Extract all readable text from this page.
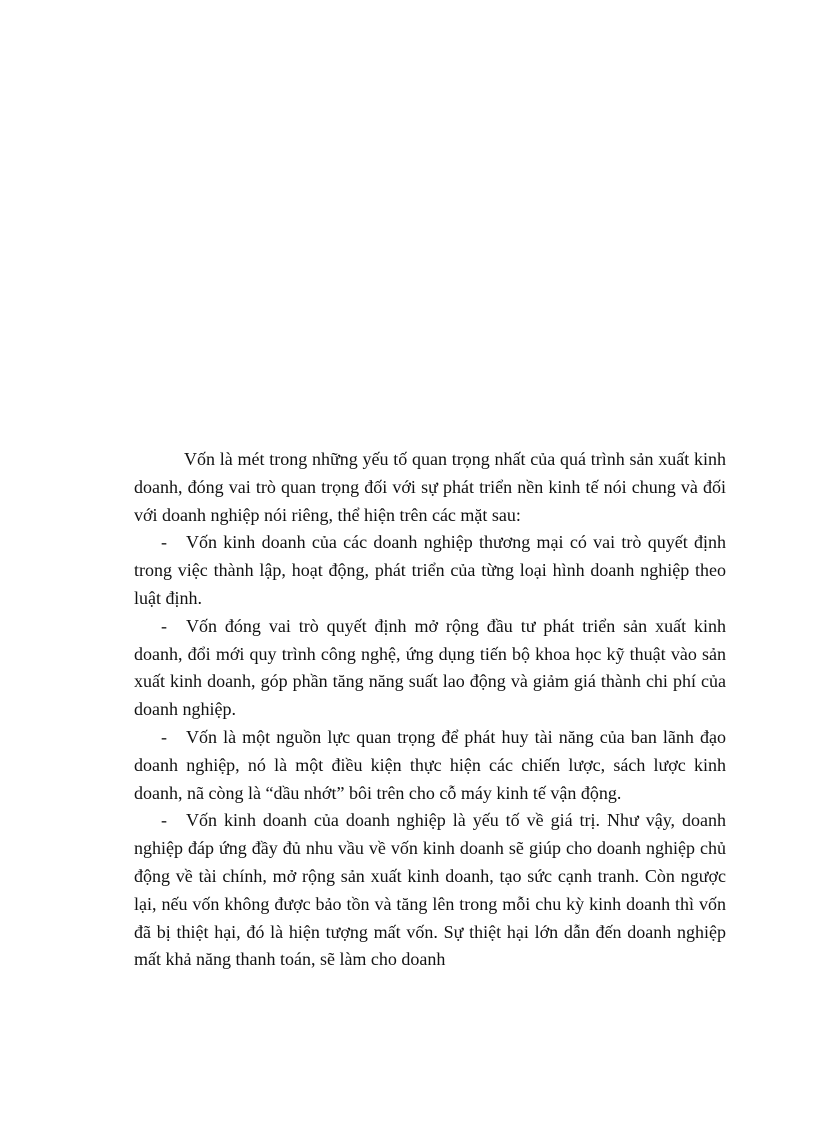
Vốn là mét trong những yếu tố quan trọng nhất của quá trình sản xuất kinh doanh, đóng vai trò quan trọng đối với sự phát triển nền kinh tế nói chung và đối với doanh nghiệp nói riêng, thể hiện trên các mặt sau:

- Vốn kinh doanh của các doanh nghiệp thương mại có vai trò quyết định trong việc thành lập, hoạt động, phát triển của từng loại hình doanh nghiệp theo luật định.

- Vốn đóng vai trò quyết định mở rộng đầu tư phát triển sản xuất kinh doanh, đổi mới quy trình công nghệ, ứng dụng tiến bộ khoa học kỹ thuật vào sản xuất kinh doanh, góp phần tăng năng suất lao động và giảm giá thành chi phí của doanh nghiệp.

- Vốn là một nguồn lực quan trọng để phát huy tài năng của ban lãnh đạo doanh nghiệp, nó là một điều kiện thực hiện các chiến lược, sách lược kinh doanh, nã còng là “dầu nhớt” bôi trên cho cỗ máy kinh tế vận động.

- Vốn kinh doanh của doanh nghiệp là yếu tố về giá trị. Như vậy, doanh nghiệp đáp ứng đầy đủ nhu vầu về vốn kinh doanh sẽ giúp cho doanh nghiệp chủ động về tài chính, mở rộng sản xuất kinh doanh, tạo sức cạnh tranh. Còn ngược lại, nếu vốn không được bảo tồn và tăng lên trong mỗi chu kỳ kinh doanh thì vốn đã bị thiệt hại, đó là hiện tượng mất vốn. Sự thiệt hại lớn dẫn đến doanh nghiệp mất khả năng thanh toán, sẽ làm cho doanh
